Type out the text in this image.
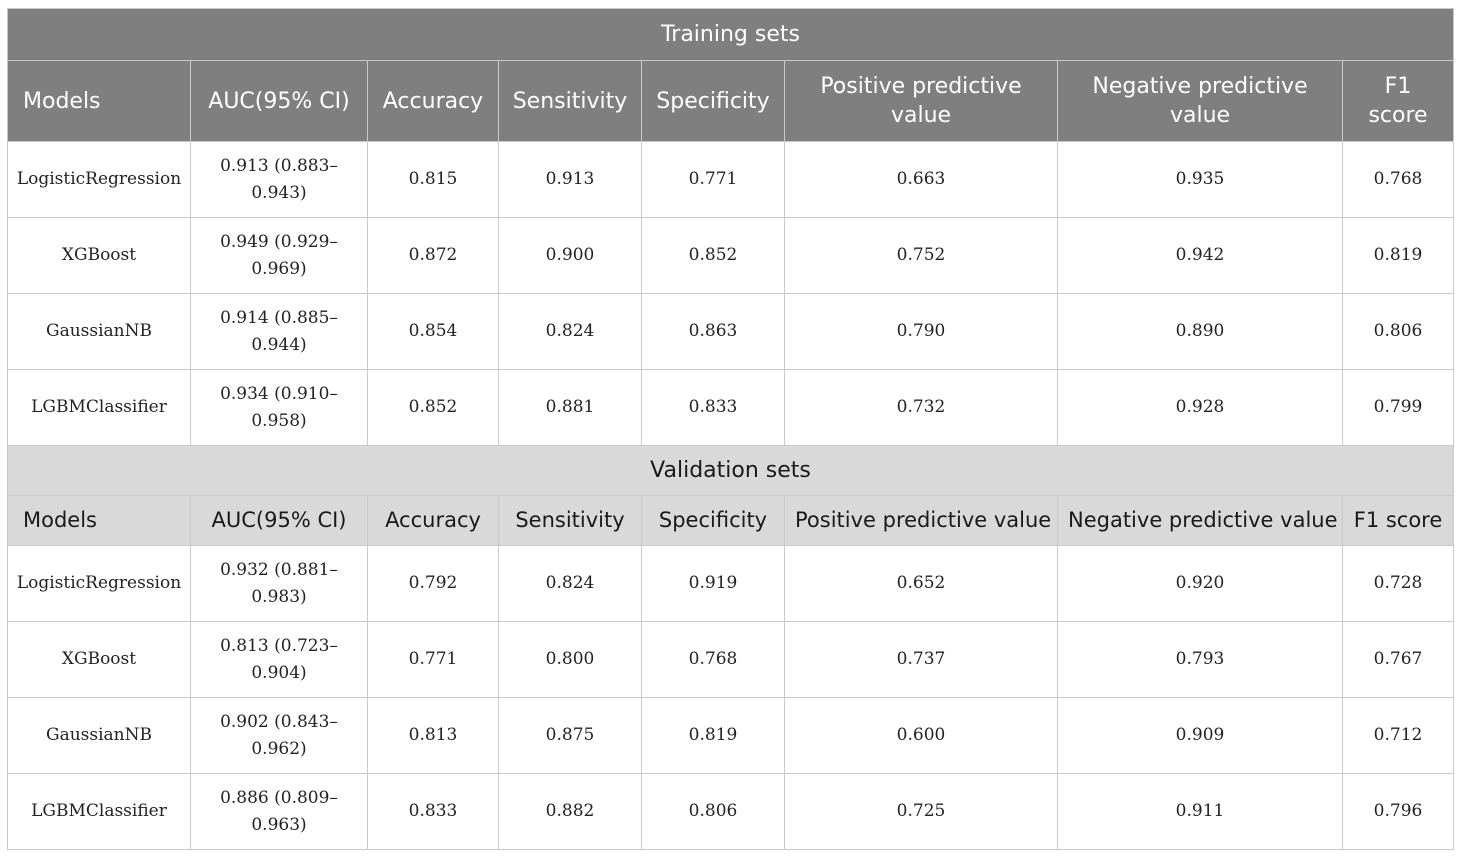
Training sets							
Models	AUC(95% CI)	Accuracy	Sensitivity	Specificity	Positive predictive value	Negative predictive value	F1 score
LogisticRegression	0.913 (0.883–0.943)	0.815	0.913	0.771	0.663	0.935	0.768
XGBoost	0.949 (0.929–0.969)	0.872	0.900	0.852	0.752	0.942	0.819
GaussianNB	0.914 (0.885–0.944)	0.854	0.824	0.863	0.790	0.890	0.806
LGBMClassifier	0.934 (0.910–0.958)	0.852	0.881	0.833	0.732	0.928	0.799
Validation sets							
Models	AUC(95% CI)	Accuracy	Sensitivity	Specificity	Positive predictive value	Negative predictive value	F1 score
LogisticRegression	0.932 (0.881–0.983)	0.792	0.824	0.919	0.652	0.920	0.728
XGBoost	0.813 (0.723–0.904)	0.771	0.800	0.768	0.737	0.793	0.767
GaussianNB	0.902 (0.843–0.962)	0.813	0.875	0.819	0.600	0.909	0.712
LGBMClassifier	0.886 (0.809–0.963)	0.833	0.882	0.806	0.725	0.911	0.796
